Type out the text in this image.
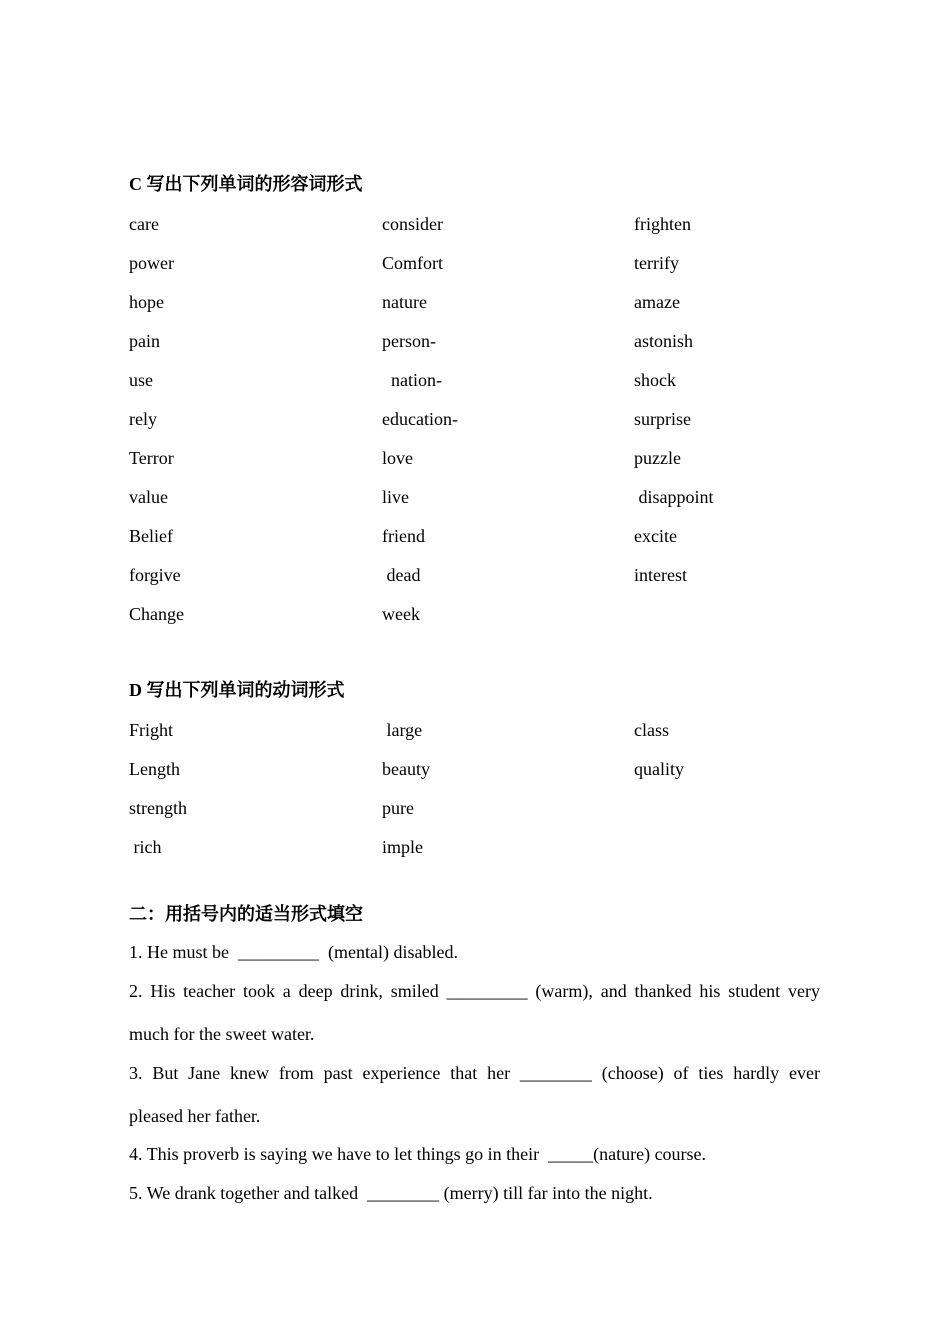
C 写出下列单词的形容词形式
care	consider	frighten
power	Comfort	terrify
hope	nature	amaze
pain	person-	astonish
use	nation-	shock
rely	education-	surprise
Terror	love	puzzle
value	live	disappoint
Belief	friend	excite
forgive	dead	interest
Change	week
D 写出下列单词的动词形式
Fright	large	class
Length	beauty	quality
strength	pure
rich	imple
二：用括号内的适当形式填空
1. He must be  _________  (mental) disabled.
2. His teacher took a deep drink, smiled _________ (warm), and thanked his student very
much for the sweet water.
3. But Jane knew from past experience that her ________ (choose) of ties hardly ever
pleased her father.
4. This proverb is saying we have to let things go in their  _____(nature) course.
5. We drank together and talked  ________ (merry) till far into the night.
